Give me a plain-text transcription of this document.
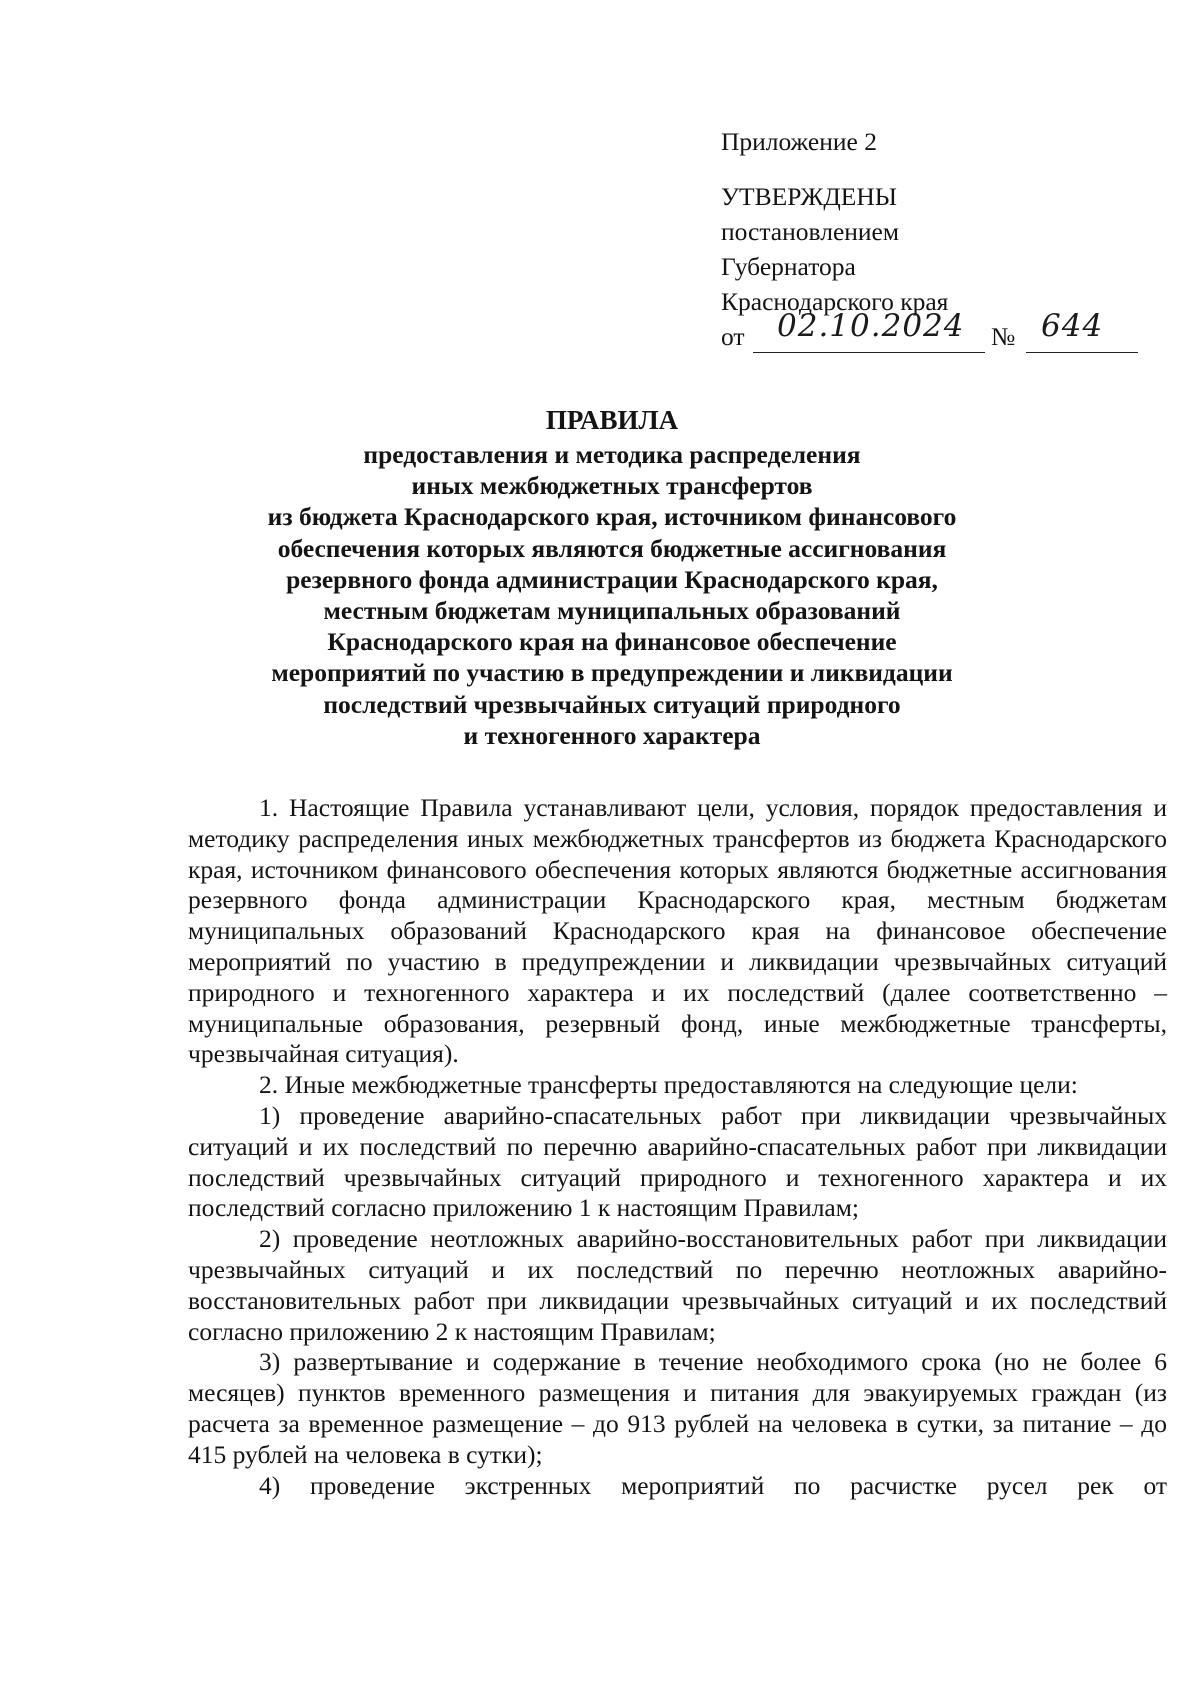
Приложение 2
УТВЕРЖДЕНЫ
постановлением
Губернатора
Краснодарского края
от 02.10.2024 № 644
ПРАВИЛА
предоставления и методика распределения
иных межбюджетных трансфертов
из бюджета Краснодарского края, источником финансового
обеспечения которых являются бюджетные ассигнования
резервного фонда администрации Краснодарского края,
местным бюджетам муниципальных образований
Краснодарского края на финансовое обеспечение
мероприятий по участию в предупреждении и ликвидации
последствий чрезвычайных ситуаций природного
и техногенного характера

1. Настоящие Правила устанавливают цели, условия, порядок предоставления и методику распределения иных межбюджетных трансфертов из бюджета Краснодарского края, источником финансового обеспечения которых являются бюджетные ассигнования резервного фонда администрации Краснодарского края, местным бюджетам муниципальных образований Краснодарского края на финансовое обеспечение мероприятий по участию в предупреждении и ликвидации чрезвычайных ситуаций природного и техногенного характера и их последствий (далее соответственно – муниципальные образования, резервный фонд, иные межбюджетные трансферты, чрезвычайная ситуация).

2. Иные межбюджетные трансферты предоставляются на следующие цели:

1) проведение аварийно-спасательных работ при ликвидации чрезвычайных ситуаций и их последствий по перечню аварийно-спасательных работ при ликвидации последствий чрезвычайных ситуаций природного и техногенного характера и их последствий согласно приложению 1 к настоящим Правилам;

2) проведение неотложных аварийно-восстановительных работ при ликвидации чрезвычайных ситуаций и их последствий по перечню неотложных аварийно-восстановительных работ при ликвидации чрезвычайных ситуаций и их последствий согласно приложению 2 к настоящим Правилам;

3) развертывание и содержание в течение необходимого срока (но не более 6 месяцев) пунктов временного размещения и питания для эвакуируемых граждан (из расчета за временное размещение – до 913 рублей на человека в сутки, за питание – до 415 рублей на человека в сутки);

4) проведение экстренных мероприятий по расчистке русел рек от
